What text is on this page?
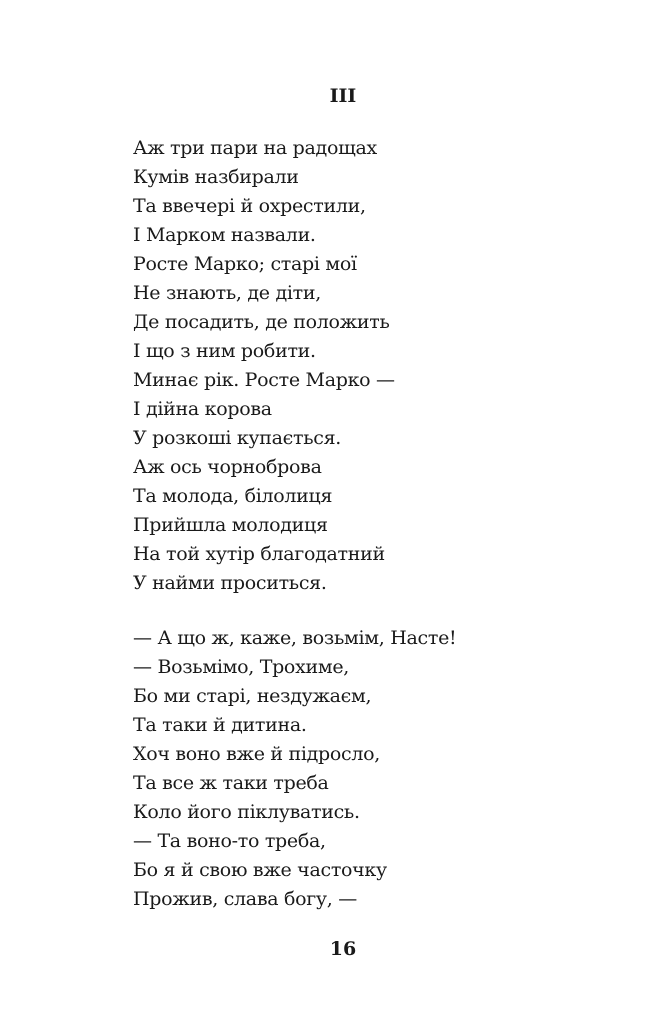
III
Аж три пари на радощах
Кумів назбирали
Та ввечері й охрестили,
І Марком назвали.
Росте Марко; старі мої
Не знають, де діти,
Де посадить, де положить
І що з ним робити.
Минає рік. Росте Марко —
І дійна корова
У розкоші купається.
Аж ось чорноброва
Та молода, білолиця
Прийшла молодиця
На той хутір благодатний
У найми проситься.
— А що ж, каже, возьмім, Насте!
— Возьмімо, Трохиме,
Бо ми старі, нездужаєм,
Та таки й дитина.
Хоч воно вже й підросло,
Та все ж таки треба
Коло його піклуватись.
— Та воно-то треба,
Бо я й свою вже часточку
Прожив, слава богу, —
16
